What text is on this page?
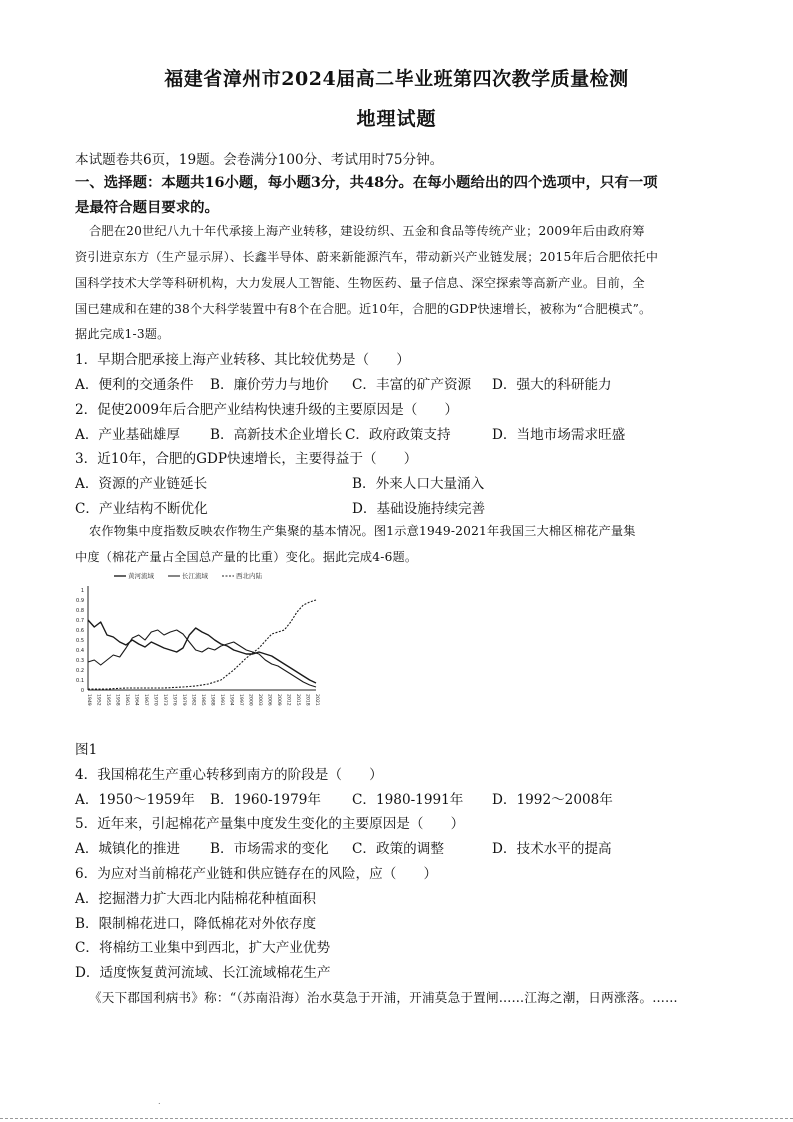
福建省漳州市2024届高二毕业班第四次教学质量检测
地理试题
本试题卷共6页，19题。会卷满分100分、考试用时75分钟。
一、选择题：本题共16小题，每小题3分，共48分。在每小题给出的四个选项中，只有一项
是最符合题目要求的。
合肥在20世纪八九十年代承接上海产业转移，建设纺织、五金和食品等传统产业；2009年后由政府筹
资引进京东方（生产显示屏）、长鑫半导体、蔚来新能源汽车，带动新兴产业链发展；2015年后合肥依托中
国科学技术大学等科研机构，大力发展人工智能、生物医药、量子信息、深空探索等高新产业。目前，全
国已建成和在建的38个大科学装置中有8个在合肥。近10年，合肥的GDP快速增长，被称为“合肥模式”。
据此完成1-3题。
1．早期合肥承接上海产业转移、其比较优势是（　　）
A．便利的交通条件 B．廉价劳力与地价 C．丰富的矿产资源 D．强大的科研能力
2．促使2009年后合肥产业结构快速升级的主要原因是（　　）
A．产业基础雄厚 B．高新技术企业增长 C．政府政策支持	D．当地市场需求旺盛
3．近10年，合肥的GDP快速增长，主要得益于（　　）
A．资源的产业链延长	B．外来人口大量涌入
C．产业结构不断优化	D．基础设施持续完善
农作物集中度指数反映农作物生产集聚的基本情况。图1示意1949-2021年我国三大棉区棉花产量集
中度（棉花产量占全国总产量的比重）变化。据此完成4-6题。
黄河流域	长江流域	西北内陆
1
0.9
0.8
0.7
0.6
0.5
0.4
0.3
0.2
0.1
0
1949 1952 1955 1958 1961 1964 1967 1970 1973 1976 1979 1982 1985 1988 1991 1994 1997 2000 2003 2006 2009 2012 2015 2018 2021
图1
4．我国棉花生产重心转移到南方的阶段是（　　）
A．1950～1959年 B．1960-1979年 C．1980-1991年 D．1992～2008年
5．近年来，引起棉花产量集中度发生变化的主要原因是（　　）
A．城镇化的推进 B．市场需求的变化 C．政策的调整	D．技术水平的提高
6．为应对当前棉花产业链和供应链存在的风险，应（　　）
A．挖掘潜力扩大西北内陆棉花种植面积
B．限制棉花进口，降低棉花对外依存度
C．将棉纺工业集中到西北，扩大产业优势
D．适度恢复黄河流域、长江流域棉花生产
《天下郡国利病书》称：“（苏南沿海）治水莫急于开浦，开浦莫急于置闸……江海之潮，日两涨落。……
.
